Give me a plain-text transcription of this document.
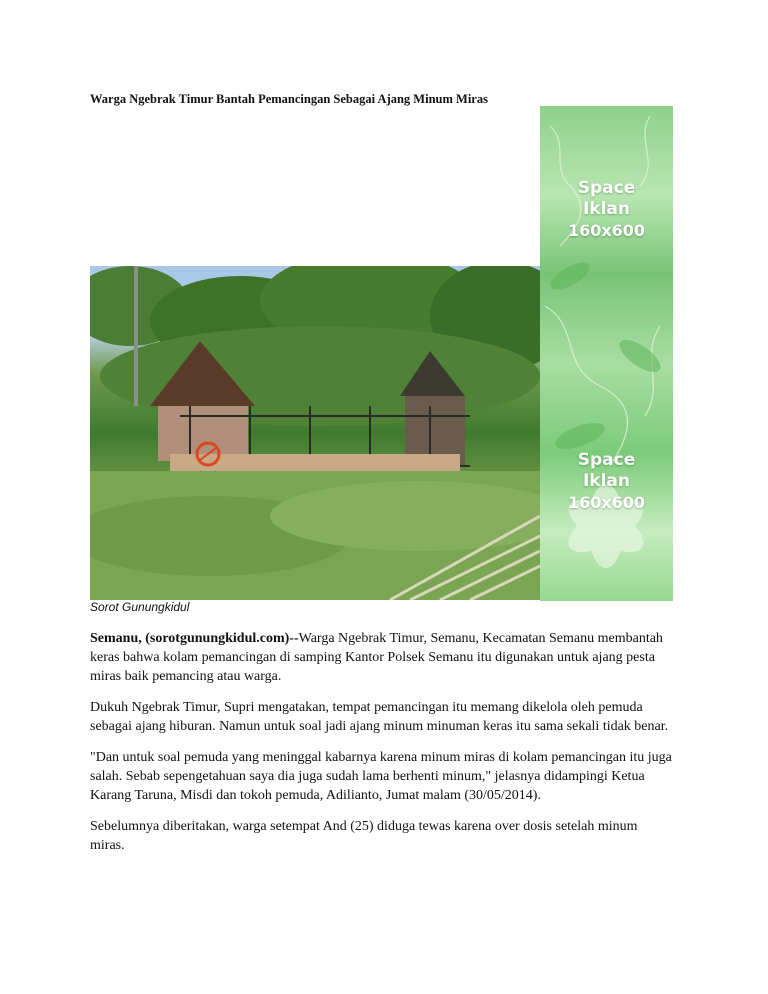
Warga Ngebrak Timur Bantah Pemancingan Sebagai Ajang Minum Miras
Space
Iklan
160x600
Space
Iklan
160x600
Sorot Gunungkidul

Semanu, (sorotgunungkidul.com)--Warga Ngebrak Timur, Semanu, Kecamatan Semanu membantah keras bahwa kolam pemancingan di samping Kantor Polsek Semanu itu digunakan untuk ajang pesta miras baik pemancing atau warga.

Dukuh Ngebrak Timur, Supri mengatakan, tempat pemancingan itu memang dikelola oleh pemuda sebagai ajang hiburan. Namun untuk soal jadi ajang minum minuman keras itu sama sekali tidak benar.

"Dan untuk soal pemuda yang meninggal kabarnya karena minum miras di kolam pemancingan itu juga salah. Sebab sepengetahuan saya dia juga sudah lama berhenti minum," jelasnya didampingi Ketua Karang Taruna, Misdi dan tokoh pemuda, Adilianto, Jumat malam (30/05/2014).

Sebelumnya diberitakan, warga setempat And (25) diduga tewas karena over dosis setelah minum miras.
